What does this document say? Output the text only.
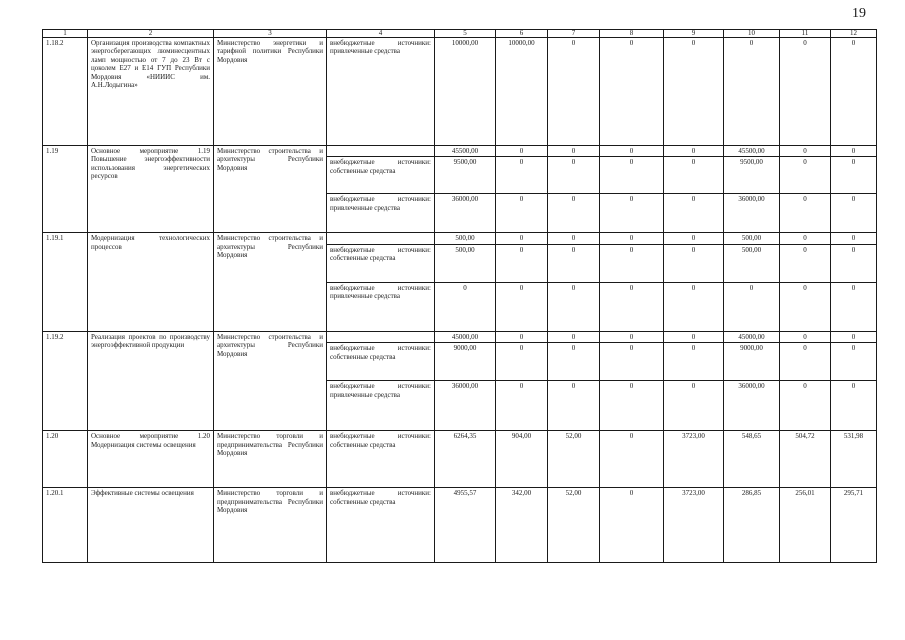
19
1	2	3	4	5	6	7	8	9	10	11	12
1.18.2	Организация производства компактных энергосберегающих люминесцентных ламп мощностью от 7 до 23 Вт с цоколем Е27 и Е14 ГУП Республики Мордовия «НИИИС им. А.Н.Лодыгина»	Министерство энергетики и тарифной политики Республики Мордовия	внебюджетные источники: привлеченные средства	10000,00	10000,00	0	0	0	0	0	0
1.19	Основное мероприятие 1.19 Повышение энергоэффективности использования энергетических ресурсов	Министерство строительства и архитектуры Республики Мордовия		45500,00	0	0	0	0	45500,00	0	0
			внебюджетные источники: собственные средства	9500,00	0	0	0	0	9500,00	0	0
			внебюджетные источники: привлеченные средства	36000,00	0	0	0	0	36000,00	0	0
1.19.1	Модернизация технологических процессов	Министерство строительства и архитектуры Республики Мордовия		500,00	0	0	0	0	500,00	0	0
			внебюджетные источники: собственные средства	500,00	0	0	0	0	500,00	0	0
			внебюджетные источники: привлеченные средства	0	0	0	0	0	0	0	0
1.19.2	Реализация проектов по производству энергоэффективной продукции	Министерство строительства и архитектуры Республики Мордовия		45000,00	0	0	0	0	45000,00	0	0
			внебюджетные источники: собственные средства	9000,00	0	0	0	0	9000,00	0	0
			внебюджетные источники: привлеченные средства	36000,00	0	0	0	0	36000,00	0	0
1.20	Основное мероприятие 1.20 Модернизация системы освещения	Министерство торговли и предпринимательства Республики Мордовия	внебюджетные источники: собственные средства	6264,35	904,00	52,00	0	3723,00	548,65	504,72	531,98
1.20.1	Эффективные системы освещения	Министерство торговли и предпринимательства Республики Мордовия	внебюджетные источники: собственные средства	4955,57	342,00	52,00	0	3723,00	286,85	256,01	295,71
